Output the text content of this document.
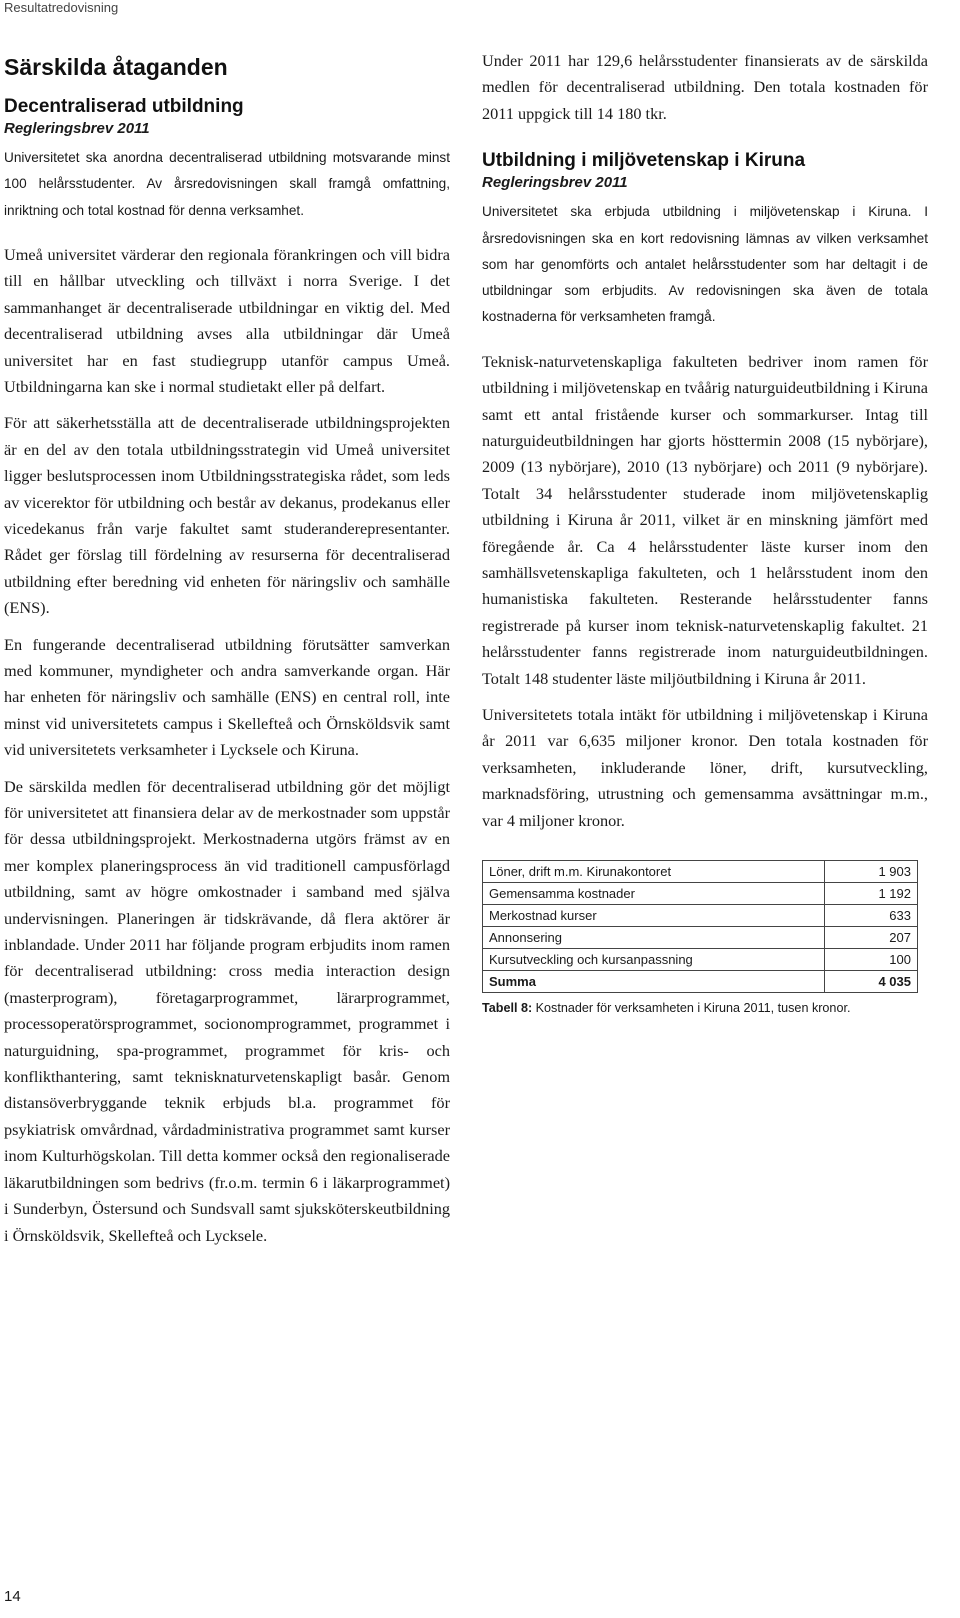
Resultatredovisning
Särskilda åtaganden
Decentraliserad utbildning

Regleringsbrev 2011

Universitetet ska anordna decentraliserad utbildning motsvarande minst 100 helårsstudenter. Av årsredovisningen skall framgå omfattning, inriktning och total kostnad för denna verksamhet.

Umeå universitet värderar den regionala förankringen och vill bidra till en hållbar utveckling och tillväxt i norra Sverige. I det sammanhanget är decentraliserade utbildningar en viktig del. Med decentraliserad utbildning avses alla utbildningar där Umeå universitet har en fast studiegrupp utanför campus Umeå. Utbildningarna kan ske i normal studietakt eller på delfart.

För att säkerhetsställa att de decentraliserade utbildningsprojekten är en del av den totala utbildningsstrategin vid Umeå universitet ligger beslutsprocessen inom Utbildningsstrategiska rådet, som leds av vicerektor för utbildning och består av dekanus, prodekanus eller vicedekanus från varje fakultet samt studeranderepresentanter. Rådet ger förslag till fördelning av resurserna för decentraliserad utbildning efter beredning vid enheten för näringsliv och samhälle (ENS).

En fungerande decentraliserad utbildning förutsätter samverkan med kommuner, myndigheter och andra samverkande organ. Här har enheten för näringsliv och samhälle (ENS) en central roll, inte minst vid universitetets campus i Skellefteå och Örnsköldsvik samt vid universitetets verksamheter i Lycksele och Kiruna.

De särskilda medlen för decentraliserad utbildning gör det möjligt för universitetet att finansiera delar av de merkostnader som uppstår för dessa utbildningsprojekt. Merkostnaderna utgörs främst av en mer komplex planeringsprocess än vid traditionell campusförlagd utbildning, samt av högre omkostnader i samband med själva undervisningen. Planeringen är tidskrävande, då flera aktörer är inblandade. Under 2011 har följande program erbjudits inom ramen för decentraliserad utbildning: cross media interaction design (masterprogram), företagarprogrammet, lärarprogrammet, processoperatörsprogrammet, socionomprogrammet, programmet i naturguidning, spa-programmet, programmet för kris- och konflikthantering, samt teknisknaturvetenskapligt basår. Genom distansöverbryggande teknik erbjuds bl.a. programmet för psykiatrisk omvårdnad, vårdadministrativa programmet samt kurser inom Kulturhögskolan. Till detta kommer också den regionaliserade läkarutbildningen som bedrivs (fr.o.m. termin 6 i läkarprogrammet) i Sunderbyn, Östersund och Sundsvall samt sjuksköterskeutbildning i Örnsköldsvik, Skellefteå och Lycksele.

Under 2011 har 129,6 helårsstudenter finansierats av de särskilda medlen för decentraliserad utbildning. Den totala kostnaden för 2011 uppgick till 14 180 tkr.

Utbildning i miljövetenskap i Kiruna

Regleringsbrev 2011

Universitetet ska erbjuda utbildning i miljövetenskap i Kiruna. I årsredovisningen ska en kort redovisning lämnas av vilken verksamhet som har genomförts och antalet helårsstudenter som har deltagit i de utbildningar som erbjudits. Av redovisningen ska även de totala kostnaderna för verksamheten framgå.

Teknisk-naturvetenskapliga fakulteten bedriver inom ramen för utbildning i miljövetenskap en tvåårig naturguideutbildning i Kiruna samt ett antal fristående kurser och sommarkurser. Intag till naturguideutbildningen har gjorts hösttermin 2008 (15 nybörjare), 2009 (13 nybörjare), 2010 (13 nybörjare) och 2011 (9 nybörjare). Totalt 34 helårsstudenter studerade inom miljövetenskaplig utbildning i Kiruna år 2011, vilket är en minskning jämfört med föregående år. Ca 4 helårsstudenter läste kurser inom den samhällsvetenskapliga fakulteten, och 1 helårsstudent inom den humanistiska fakulteten. Resterande helårsstudenter fanns registrerade på kurser inom teknisk-naturvetenskaplig fakultet. 21 helårsstudenter fanns registrerade inom naturguideutbildningen. Totalt 148 studenter läste miljöutbildning i Kiruna år 2011.

Universitetets totala intäkt för utbildning i miljövetenskap i Kiruna år 2011 var 6,635 miljoner kronor. Den totala kostnaden för verksamheten, inkluderande löner, drift, kursutveckling, marknadsföring, utrustning och gemensamma avsättningar m.m., var 4 miljoner kronor.

Löner, drift m.m. Kirunakontoret	1 903
Gemensamma kostnader	1 192
Merkostnad kurser	633
Annonsering	207
Kursutveckling och kursanpassning	100
Summa	4 035

Tabell 8: Kostnader för verksamheten i Kiruna 2011, tusen kronor.

14
